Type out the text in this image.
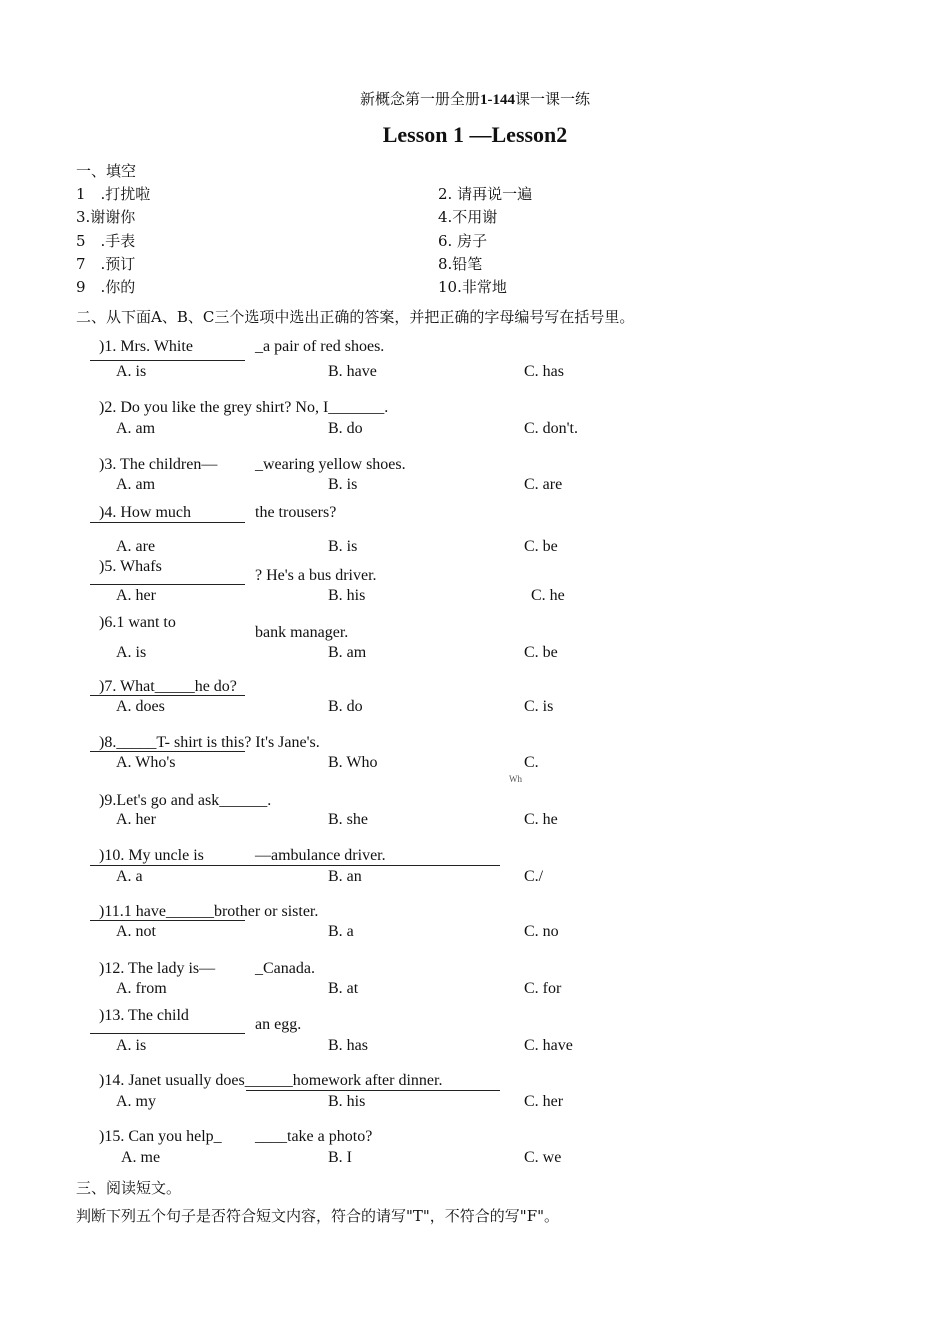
新概念第一册全册1-144课一课一练
Lesson 1 —Lesson2
一、填空
1　.打扰啦	2. 请再说一遍
3.谢谢你	4.不用谢
5　.手表	6. 房子
7　.预订	8.铅笔
9　.你的	10.非常地
二、从下面A、B、C三个选项中选出正确的答案，并把正确的字母编号写在括号里。
)1. Mrs. White	_a pair of red shoes.
A. is	B. have	C. has
)2. Do you like the grey shirt? No, I_______.
A. am	B. do	C. don't.
)3. The children— _wearing yellow shoes.
A. am	B. is	C. are
)4. How much	the trousers?
A. are	B. is	C. be
)5. Whafs
? He's a bus driver.
A. her	B. his	C. he
)6.1 want to
bank manager.
A. is	B. am	C. be
)7. What_____he do?
A. does	B. do	C. is
)8._____T- shirt is this? It's Jane's.
A. Who's	B. Who	C.
Wh
)9.Let's go and ask______.
A. her	B. she	C. he
)10. My uncle is	—ambulance driver.
A. a	B. an	C./
)11.1 have______brother or sister.
A. not	B. a	C. no
)12. The lady is— _Canada.
A. from	B. at	C. for
)13. The child
an egg.
A. is	B. has	C. have
)14. Janet usually does______homework after dinner.
A. my	B. his	C. her
)15. Can you help_ ____take a photo?
A. me	B. I	C. we
三、阅读短文。
判断下列五个句子是否符合短文内容，符合的请写"T"，不符合的写"F"。
